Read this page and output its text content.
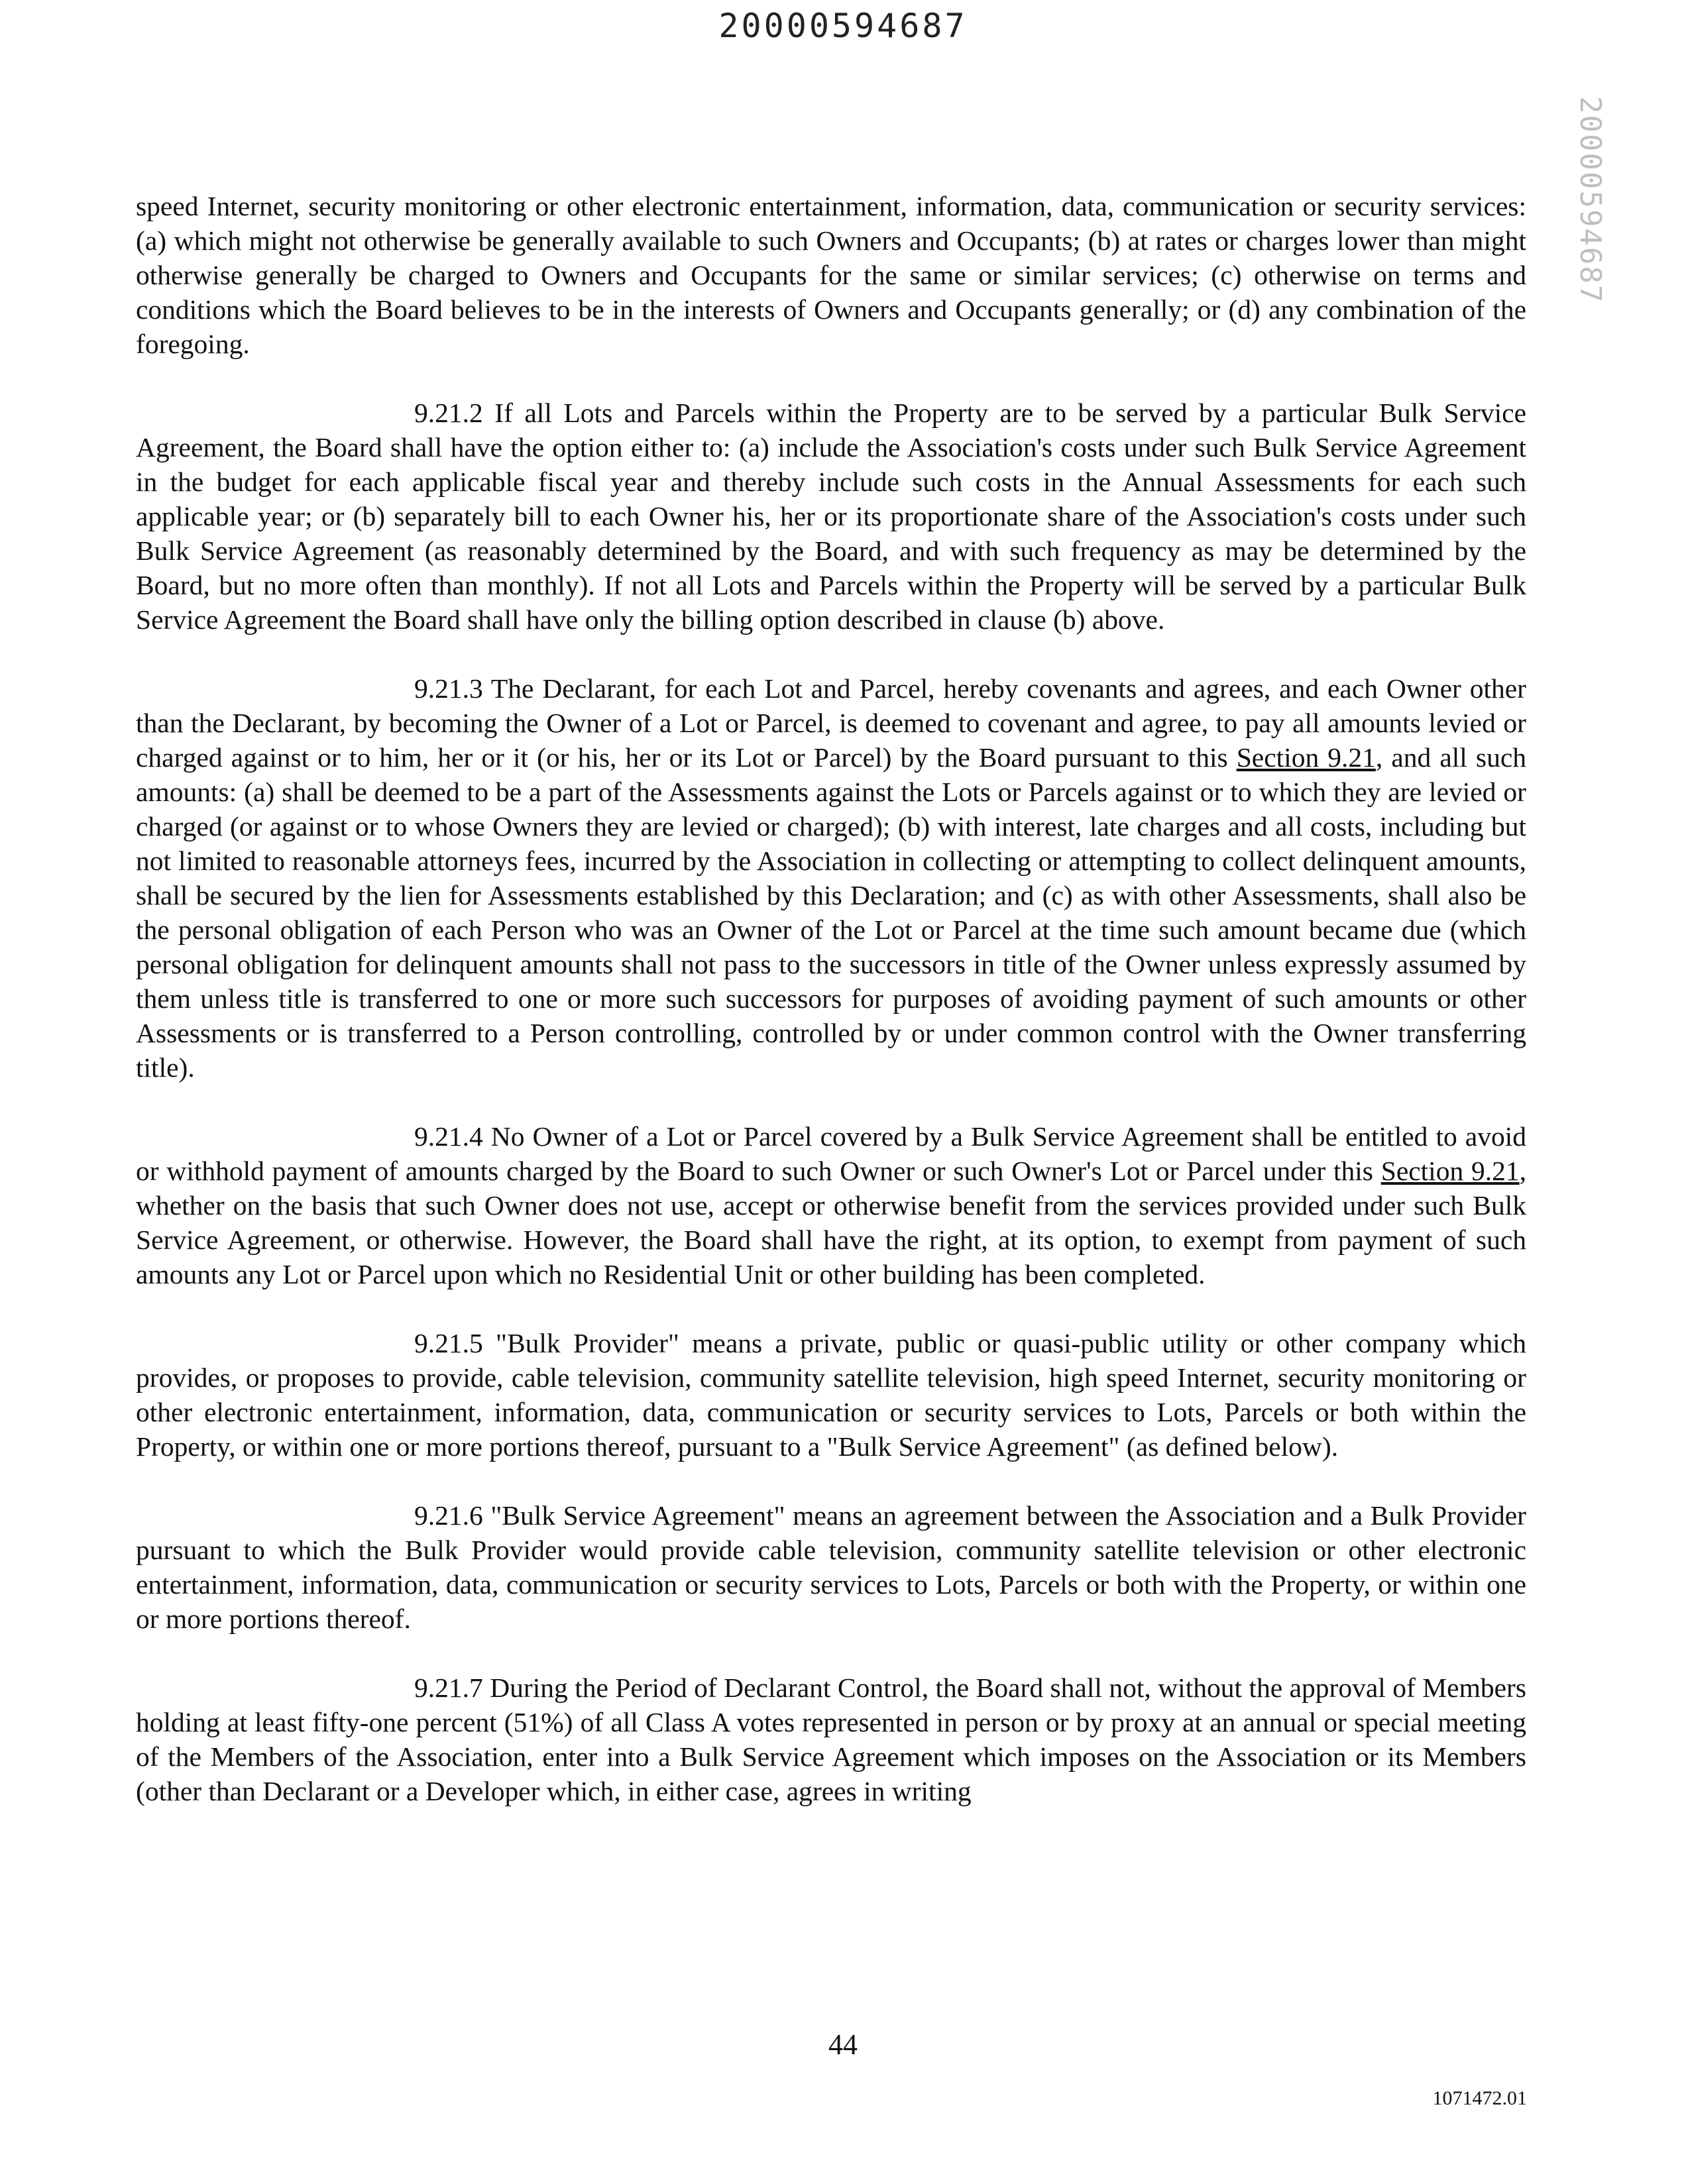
20000594687
20000594687

speed Internet, security monitoring or other electronic entertainment, information, data, communication or security services: (a) which might not otherwise be generally available to such Owners and Occupants; (b) at rates or charges lower than might otherwise generally be charged to Owners and Occupants for the same or similar services; (c) otherwise on terms and conditions which the Board believes to be in the interests of Owners and Occupants generally; or (d) any combination of the foregoing.

9.21.2 If all Lots and Parcels within the Property are to be served by a particular Bulk Service Agreement, the Board shall have the option either to: (a) include the Association's costs under such Bulk Service Agreement in the budget for each applicable fiscal year and thereby include such costs in the Annual Assessments for each such applicable year; or (b) separately bill to each Owner his, her or its proportionate share of the Association's costs under such Bulk Service Agreement (as reasonably determined by the Board, and with such frequency as may be determined by the Board, but no more often than monthly). If not all Lots and Parcels within the Property will be served by a particular Bulk Service Agreement the Board shall have only the billing option described in clause (b) above.

9.21.3 The Declarant, for each Lot and Parcel, hereby covenants and agrees, and each Owner other than the Declarant, by becoming the Owner of a Lot or Parcel, is deemed to covenant and agree, to pay all amounts levied or charged against or to him, her or it (or his, her or its Lot or Parcel) by the Board pursuant to this Section 9.21, and all such amounts: (a) shall be deemed to be a part of the Assessments against the Lots or Parcels against or to which they are levied or charged (or against or to whose Owners they are levied or charged); (b) with interest, late charges and all costs, including but not limited to reasonable attorneys fees, incurred by the Association in collecting or attempting to collect delinquent amounts, shall be secured by the lien for Assessments established by this Declaration; and (c) as with other Assessments, shall also be the personal obligation of each Person who was an Owner of the Lot or Parcel at the time such amount became due (which personal obligation for delinquent amounts shall not pass to the successors in title of the Owner unless expressly assumed by them unless title is transferred to one or more such successors for purposes of avoiding payment of such amounts or other Assessments or is transferred to a Person controlling, controlled by or under common control with the Owner transferring title).

9.21.4 No Owner of a Lot or Parcel covered by a Bulk Service Agreement shall be entitled to avoid or withhold payment of amounts charged by the Board to such Owner or such Owner's Lot or Parcel under this Section 9.21, whether on the basis that such Owner does not use, accept or otherwise benefit from the services provided under such Bulk Service Agreement, or otherwise. However, the Board shall have the right, at its option, to exempt from payment of such amounts any Lot or Parcel upon which no Residential Unit or other building has been completed.

9.21.5 "Bulk Provider" means a private, public or quasi-public utility or other company which provides, or proposes to provide, cable television, community satellite television, high speed Internet, security monitoring or other electronic entertainment, information, data, communication or security services to Lots, Parcels or both within the Property, or within one or more portions thereof, pursuant to a "Bulk Service Agreement" (as defined below).

9.21.6 "Bulk Service Agreement" means an agreement between the Association and a Bulk Provider pursuant to which the Bulk Provider would provide cable television, community satellite television or other electronic entertainment, information, data, communication or security services to Lots, Parcels or both with the Property, or within one or more portions thereof.

9.21.7 During the Period of Declarant Control, the Board shall not, without the approval of Members holding at least fifty-one percent (51%) of all Class A votes represented in person or by proxy at an annual or special meeting of the Members of the Association, enter into a Bulk Service Agreement which imposes on the Association or its Members (other than Declarant or a Developer which, in either case, agrees in writing

44
1071472.01
